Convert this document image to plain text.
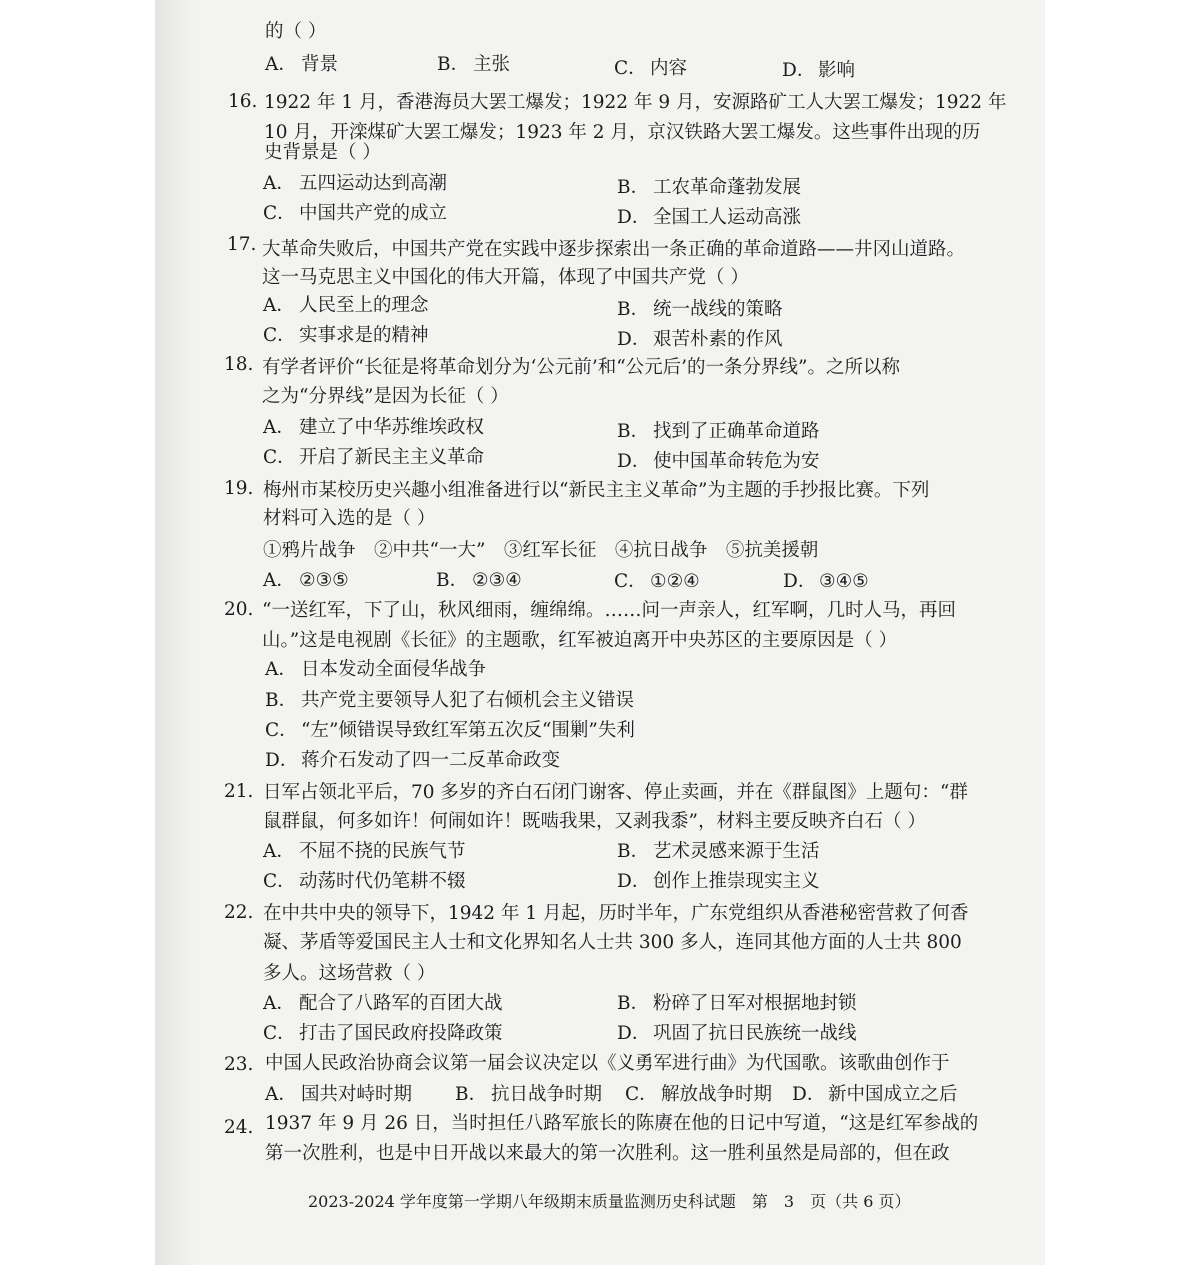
的（ ）
A． 背景	B． 主张	C． 内容	D． 影响
16. 1922 年 1 月，香港海员大罢工爆发；1922 年 9 月，安源路矿工人大罢工爆发；1922 年
10 月，开滦煤矿大罢工爆发；1923 年 2 月，京汉铁路大罢工爆发。这些事件出现的历
史背景是（ ）
A． 五四运动达到高潮	B． 工农革命蓬勃发展
C． 中国共产党的成立	D． 全国工人运动高涨
17. 大革命失败后，中国共产党在实践中逐步探索出一条正确的革命道路——井冈山道路。
这一马克思主义中国化的伟大开篇，体现了中国共产党（ ）
A． 人民至上的理念	B． 统一战线的策略
C． 实事求是的精神	D． 艰苦朴素的作风
18. 有学者评价“长征是将革命划分为‘公元前’和“公元后’的一条分界线”。之所以称
之为“分界线”是因为长征（ ）
A． 建立了中华苏维埃政权	B． 找到了正确革命道路
C． 开启了新民主主义革命	D． 使中国革命转危为安
19. 梅州市某校历史兴趣小组准备进行以“新民主主义革命”为主题的手抄报比赛。下列
材料可入选的是（ ）
①鸦片战争　②中共“一大”　③红军长征　④抗日战争　⑤抗美援朝
A． ②③⑤	B． ②③④	C． ①②④	D． ③④⑤
20. “一送红军，下了山，秋风细雨，缠绵绵。……问一声亲人，红军啊，几时人马，再回
山。”这是电视剧《长征》的主题歌，红军被迫离开中央苏区的主要原因是（ ）
A． 日本发动全面侵华战争
B． 共产党主要领导人犯了右倾机会主义错误
C． “左”倾错误导致红军第五次反“围剿”失利
D． 蒋介石发动了四一二反革命政变
21. 日军占领北平后，70 多岁的齐白石闭门谢客、停止卖画，并在《群鼠图》上题句：“群
鼠群鼠，何多如许！何闹如许！既啮我果，又剥我黍”，材料主要反映齐白石（ ）
A． 不屈不挠的民族气节	B． 艺术灵感来源于生活
C． 动荡时代仍笔耕不辍	D． 创作上推崇现实主义
22. 在中共中央的领导下，1942 年 1 月起，历时半年，广东党组织从香港秘密营救了何香
凝、茅盾等爱国民主人士和文化界知名人士共 300 多人，连同其他方面的人士共 800
多人。这场营救（ ）
A． 配合了八路军的百团大战	B． 粉碎了日军对根据地封锁
C． 打击了国民政府投降政策	D． 巩固了抗日民族统一战线
23. 中国人民政治协商会议第一届会议决定以《义勇军进行曲》为代国歌。该歌曲创作于
A． 国共对峙时期 B． 抗日战争时期 C． 解放战争时期 D． 新中国成立之后
24. 1937 年 9 月 26 日，当时担任八路军旅长的陈赓在他的日记中写道，“这是红军参战的
第一次胜利，也是中日开战以来最大的第一次胜利。这一胜利虽然是局部的，但在政
2023-2024 学年度第一学期八年级期末质量监测历史科试题　第　3　页（共 6 页）
